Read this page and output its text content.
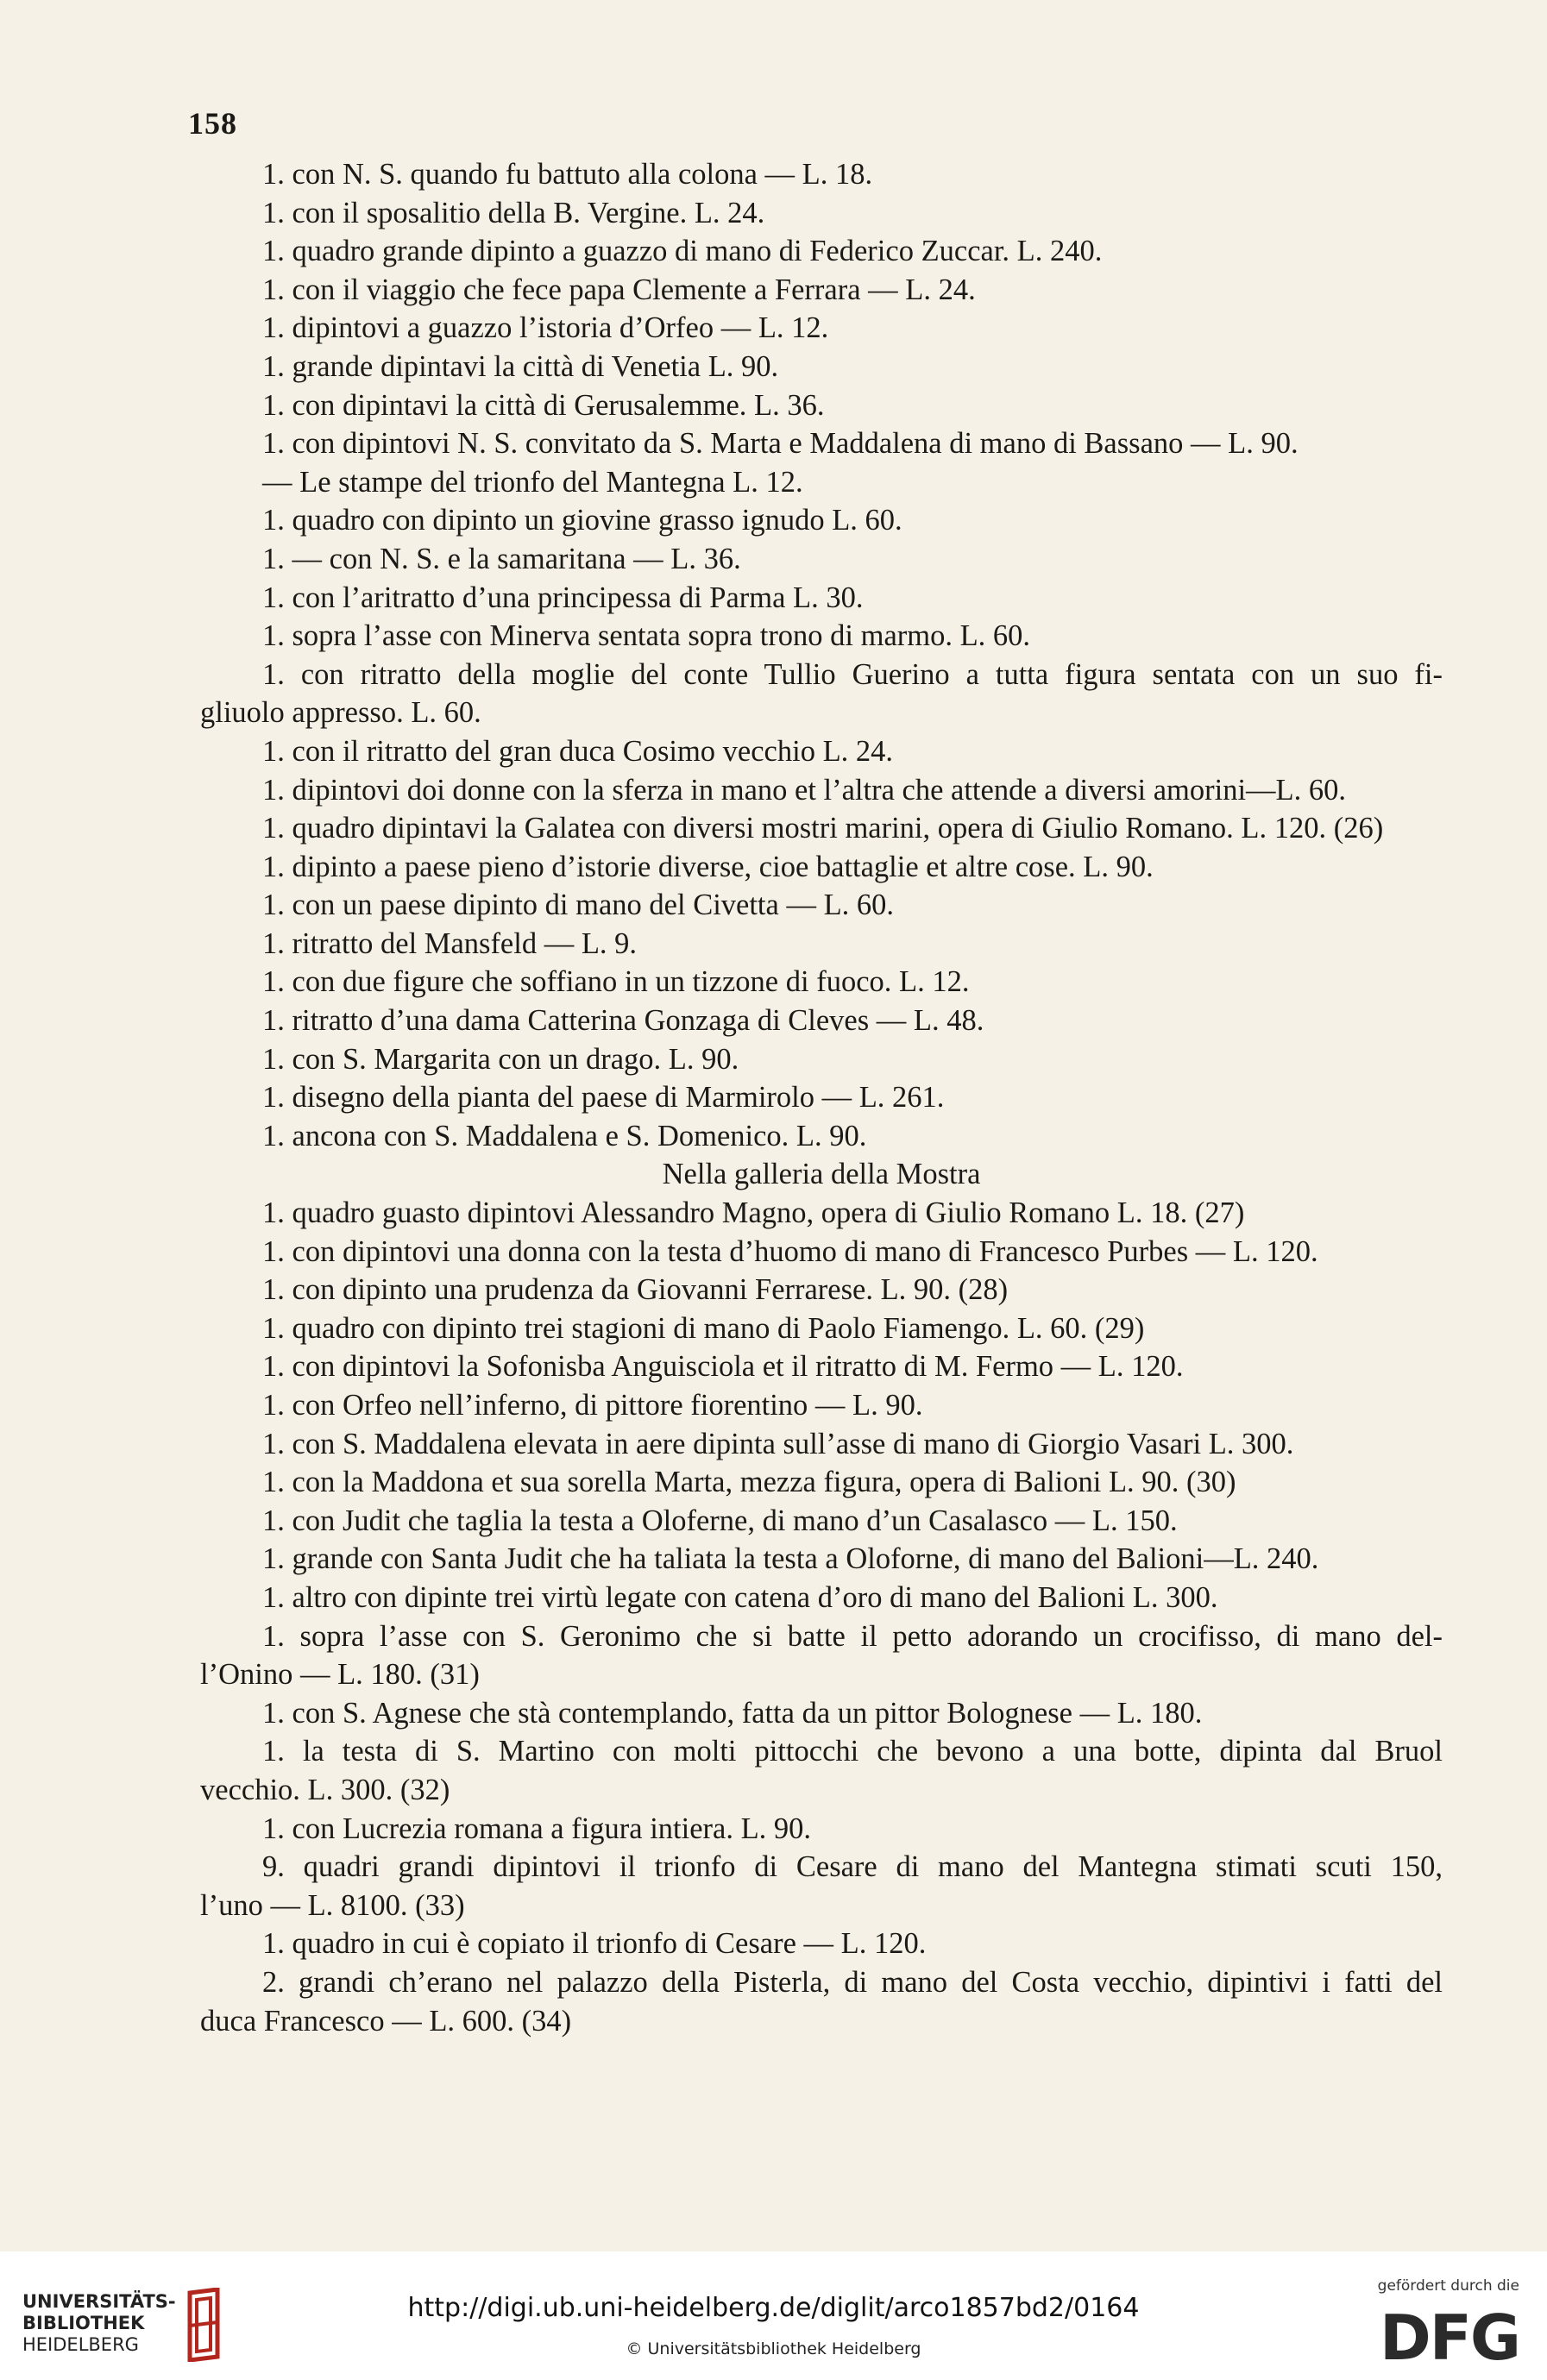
158
1. con N. S. quando fu battuto alla colona — L. 18.
1. con il sposalitio della B. Vergine. L. 24.
1. quadro grande dipinto a guazzo di mano di Federico Zuccar. L. 240.
1. con il viaggio che fece papa Clemente a Ferrara — L. 24.
1. dipintovi a guazzo l’istoria d’Orfeo — L. 12.
1. grande dipintavi la città di Venetia L. 90.
1. con dipintavi la città di Gerusalemme. L. 36.
1. con dipintovi N. S. convitato da S. Marta e Maddalena di mano di Bassano — L. 90.
— Le stampe del trionfo del Mantegna L. 12.
1. quadro con dipinto un giovine grasso ignudo L. 60.
1. — con N. S. e la samaritana — L. 36.
1. con l’aritratto d’una principessa di Parma L. 30.
1. sopra l’asse con Minerva sentata sopra trono di marmo. L. 60.
1. con ritratto della moglie del conte Tullio Guerino a tutta figura sentata con un suo fi-
gliuolo appresso. L. 60.
1. con il ritratto del gran duca Cosimo vecchio L. 24.
1. dipintovi doi donne con la sferza in mano et l’altra che attende a diversi amorini—L. 60.
1. quadro dipintavi la Galatea con diversi mostri marini, opera di Giulio Romano. L. 120. (26)
1. dipinto a paese pieno d’istorie diverse, cioe battaglie et altre cose. L. 90.
1. con un paese dipinto di mano del Civetta — L. 60.
1. ritratto del Mansfeld — L. 9.
1. con due figure che soffiano in un tizzone di fuoco. L. 12.
1. ritratto d’una dama Catterina Gonzaga di Cleves — L. 48.
1. con S. Margarita con un drago. L. 90.
1. disegno della pianta del paese di Marmirolo — L. 261.
1. ancona con S. Maddalena e S. Domenico. L. 90.
Nella galleria della Mostra
1. quadro guasto dipintovi Alessandro Magno, opera di Giulio Romano L. 18. (27)
1. con dipintovi una donna con la testa d’huomo di mano di Francesco Purbes — L. 120.
1. con dipinto una prudenza da Giovanni Ferrarese. L. 90. (28)
1. quadro con dipinto trei stagioni di mano di Paolo Fiamengo. L. 60. (29)
1. con dipintovi la Sofonisba Anguisciola et il ritratto di M. Fermo — L. 120.
1. con Orfeo nell’inferno, di pittore fiorentino — L. 90.
1. con S. Maddalena elevata in aere dipinta sull’asse di mano di Giorgio Vasari L. 300.
1. con la Maddona et sua sorella Marta, mezza figura, opera di Balioni L. 90. (30)
1. con Judit che taglia la testa a Oloferne, di mano d’un Casalasco — L. 150.
1. grande con Santa Judit che ha taliata la testa a Oloforne, di mano del Balioni—L. 240.
1. altro con dipinte trei virtù legate con catena d’oro di mano del Balioni L. 300.
1. sopra l’asse con S. Geronimo che si batte il petto adorando un crocifisso, di mano del-
l’Onino — L. 180. (31)
1. con S. Agnese che stà contemplando, fatta da un pittor Bolognese — L. 180.
1. la testa di S. Martino con molti pittocchi che bevono a una botte, dipinta dal Bruol
vecchio. L. 300. (32)
1. con Lucrezia romana a figura intiera. L. 90.
9. quadri grandi dipintovi il trionfo di Cesare di mano del Mantegna stimati scuti 150,
l’uno — L. 8100. (33)
1. quadro in cui è copiato il trionfo di Cesare — L. 120.
2. grandi ch’erano nel palazzo della Pisterla, di mano del Costa vecchio, dipintivi i fatti del
duca Francesco — L. 600. (34)
UNIVERSITÄTS-
BIBLIOTHEK
HEIDELBERG
http://digi.ub.uni-heidelberg.de/diglit/arco1857bd2/0164
© Universitätsbibliothek Heidelberg
gefördert durch die
DFG
